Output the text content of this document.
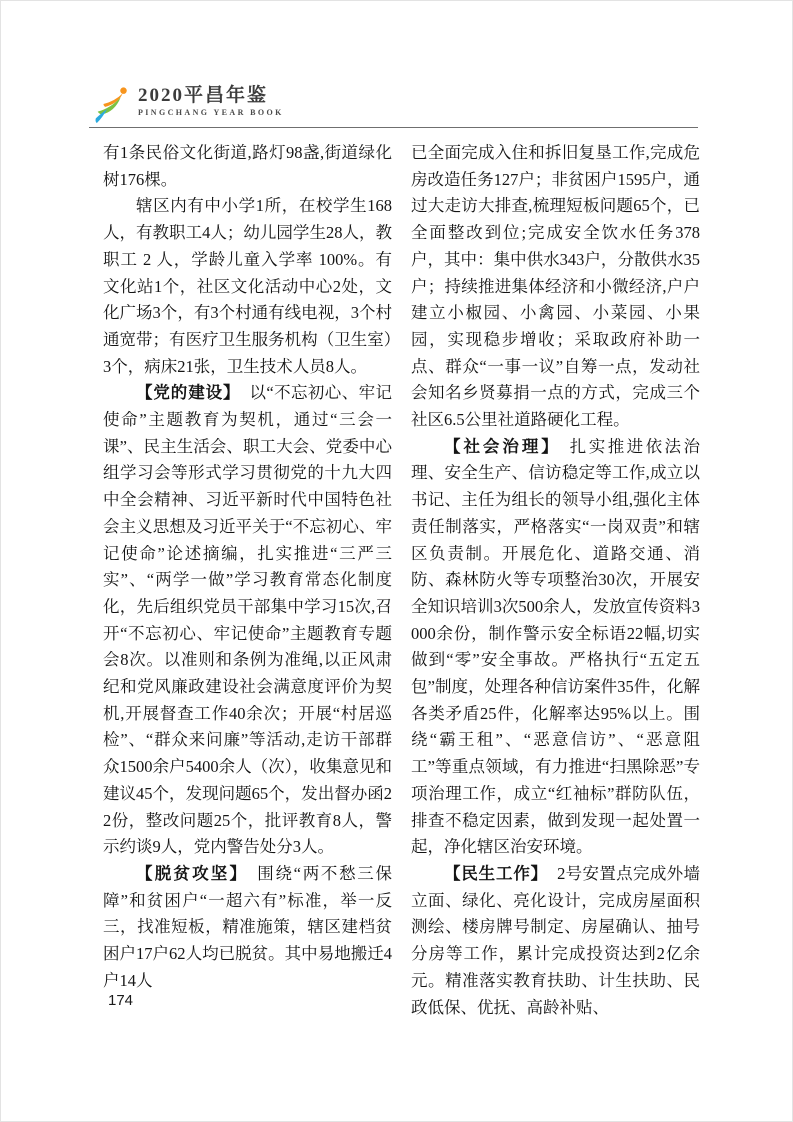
2020平昌年鉴
PINGCHANG YEAR BOOK

有1条民俗文化街道,路灯98盏,街道绿化树176棵。

辖区内有中小学1所，在校学生168人，有教职工4人；幼儿园学生28人，教职工 2 人，学龄儿童入学率 100%。有文化站1个，社区文化活动中心2处，文化广场3个，有3个村通有线电视，3个村通宽带；有医疗卫生服务机构（卫生室）3个，病床21张，卫生技术人员8人。

【党的建设】 以“不忘初心、牢记使命”主题教育为契机，通过“三会一课”、民主生活会、职工大会、党委中心组学习会等形式学习贯彻党的十九大四中全会精神、习近平新时代中国特色社会主义思想及习近平关于“不忘初心、牢记使命”论述摘编，扎实推进“三严三实”、“两学一做”学习教育常态化制度化，先后组织党员干部集中学习15次,召开“不忘初心、牢记使命”主题教育专题会8次。以准则和条例为准绳,以正风肃纪和党风廉政建设社会满意度评价为契机,开展督查工作40余次；开展“村居巡检”、“群众来问廉”等活动,走访干部群众1500余户5400余人（次），收集意见和建议45个，发现问题65个，发出督办函22份，整改问题25个，批评教育8人，警示约谈9人，党内警告处分3人。

【脱贫攻坚】 围绕“两不愁三保障”和贫困户“一超六有”标准，举一反三，找准短板，精准施策，辖区建档贫困户17户62人均已脱贫。其中易地搬迁4户14人

已全面完成入住和拆旧复垦工作,完成危房改造任务127户；非贫困户1595户，通过大走访大排查,梳理短板问题65个，已全面整改到位;完成安全饮水任务378户，其中：集中供水343户，分散供水35户；持续推进集体经济和小微经济,户户建立小椒园、小禽园、小菜园、小果园，实现稳步增收；采取政府补助一点、群众“一事一议”自筹一点，发动社会知名乡贤募捐一点的方式，完成三个社区6.5公里社道路硬化工程。

【社会治理】 扎实推进依法治理、安全生产、信访稳定等工作,成立以书记、主任为组长的领导小组,强化主体责任制落实，严格落实“一岗双责”和辖区负责制。开展危化、道路交通、消防、森林防火等专项整治30次，开展安全知识培训3次500余人，发放宣传资料3000余份，制作警示安全标语22幅,切实做到“零”安全事故。严格执行“五定五包”制度，处理各种信访案件35件，化解各类矛盾25件，化解率达95%以上。围绕“霸王租”、“恶意信访”、“恶意阻工”等重点领域，有力推进“扫黑除恶”专项治理工作，成立“红袖标”群防队伍，排查不稳定因素，做到发现一起处置一起，净化辖区治安环境。

【民生工作】 2号安置点完成外墙立面、绿化、亮化设计，完成房屋面积测绘、楼房牌号制定、房屋确认、抽号分房等工作，累计完成投资达到2亿余元。精准落实教育扶助、计生扶助、民政低保、优抚、高龄补贴、

174
